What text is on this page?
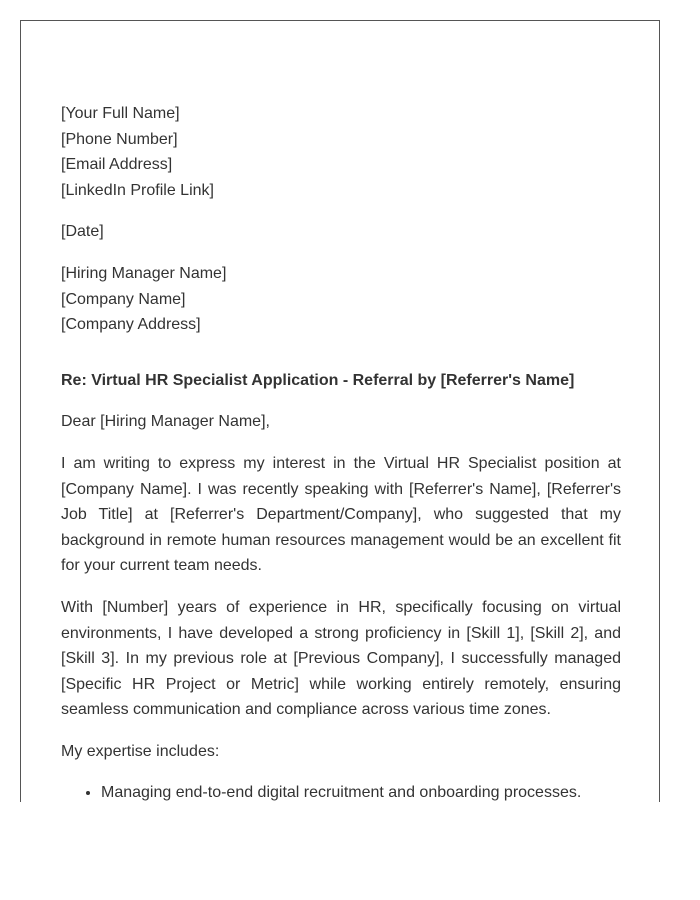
[Your Full Name]
[Phone Number]
[Email Address]
[LinkedIn Profile Link]
[Date]
[Hiring Manager Name]
[Company Name]
[Company Address]
Re: Virtual HR Specialist Application - Referral by [Referrer's Name]
Dear [Hiring Manager Name],

I am writing to express my interest in the Virtual HR Specialist position at [Company Name]. I was recently speaking with [Referrer's Name], [Referrer's Job Title] at [Referrer's Department/Company], who suggested that my background in remote human resources management would be an excellent fit for your current team needs.

With [Number] years of experience in HR, specifically focusing on virtual environments, I have developed a strong proficiency in [Skill 1], [Skill 2], and [Skill 3]. In my previous role at [Previous Company], I successfully managed [Specific HR Project or Metric] while working entirely remotely, ensuring seamless communication and compliance across various time zones.

My expertise includes:
• Managing end-to-end digital recruitment and onboarding processes.
